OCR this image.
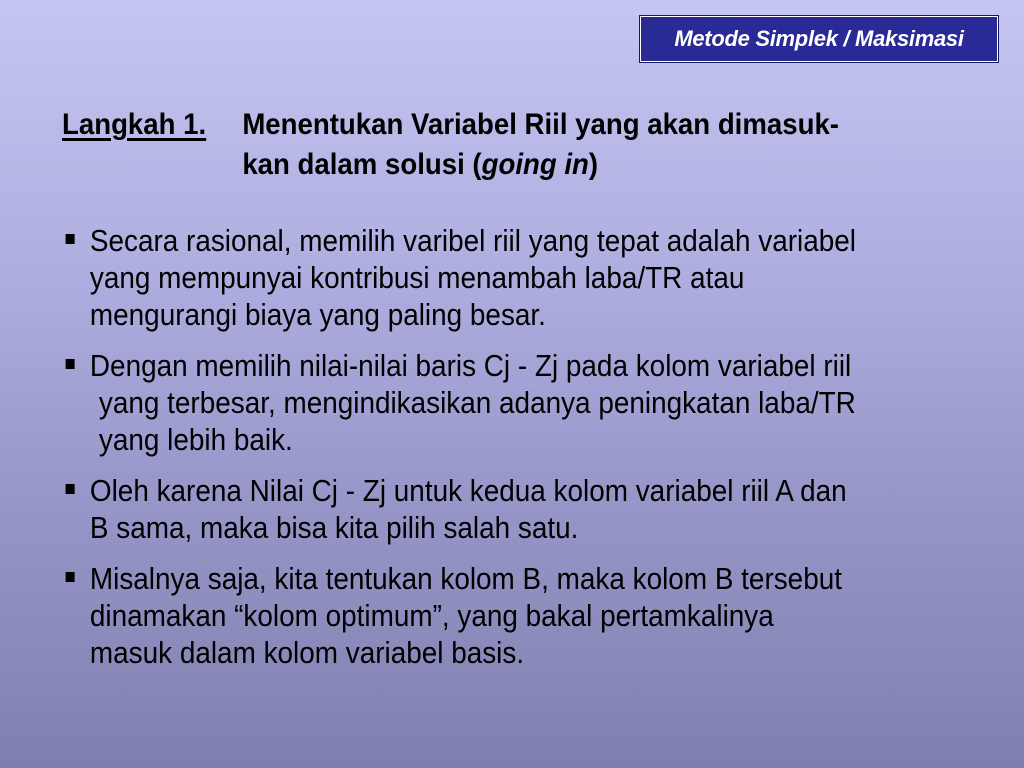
Metode Simplek / Maksimasi
Langkah 1. Menentukan Variabel Riil yang akan dimasuk-
kan dalam solusi (going in)
Secara rasional, memilih varibel riil yang tepat adalah variabel
yang mempunyai kontribusi menambah laba/TR atau
mengurangi biaya yang paling besar.
Dengan memilih nilai-nilai baris Cj - Zj pada kolom variabel riil
yang terbesar, mengindikasikan adanya peningkatan laba/TR
yang lebih baik.
Oleh karena Nilai Cj - Zj untuk kedua kolom variabel riil A dan
B sama, maka bisa kita pilih salah satu.
Misalnya saja, kita tentukan kolom B, maka kolom B tersebut
dinamakan “kolom optimum”, yang bakal pertamkalinya
masuk dalam kolom variabel basis.
